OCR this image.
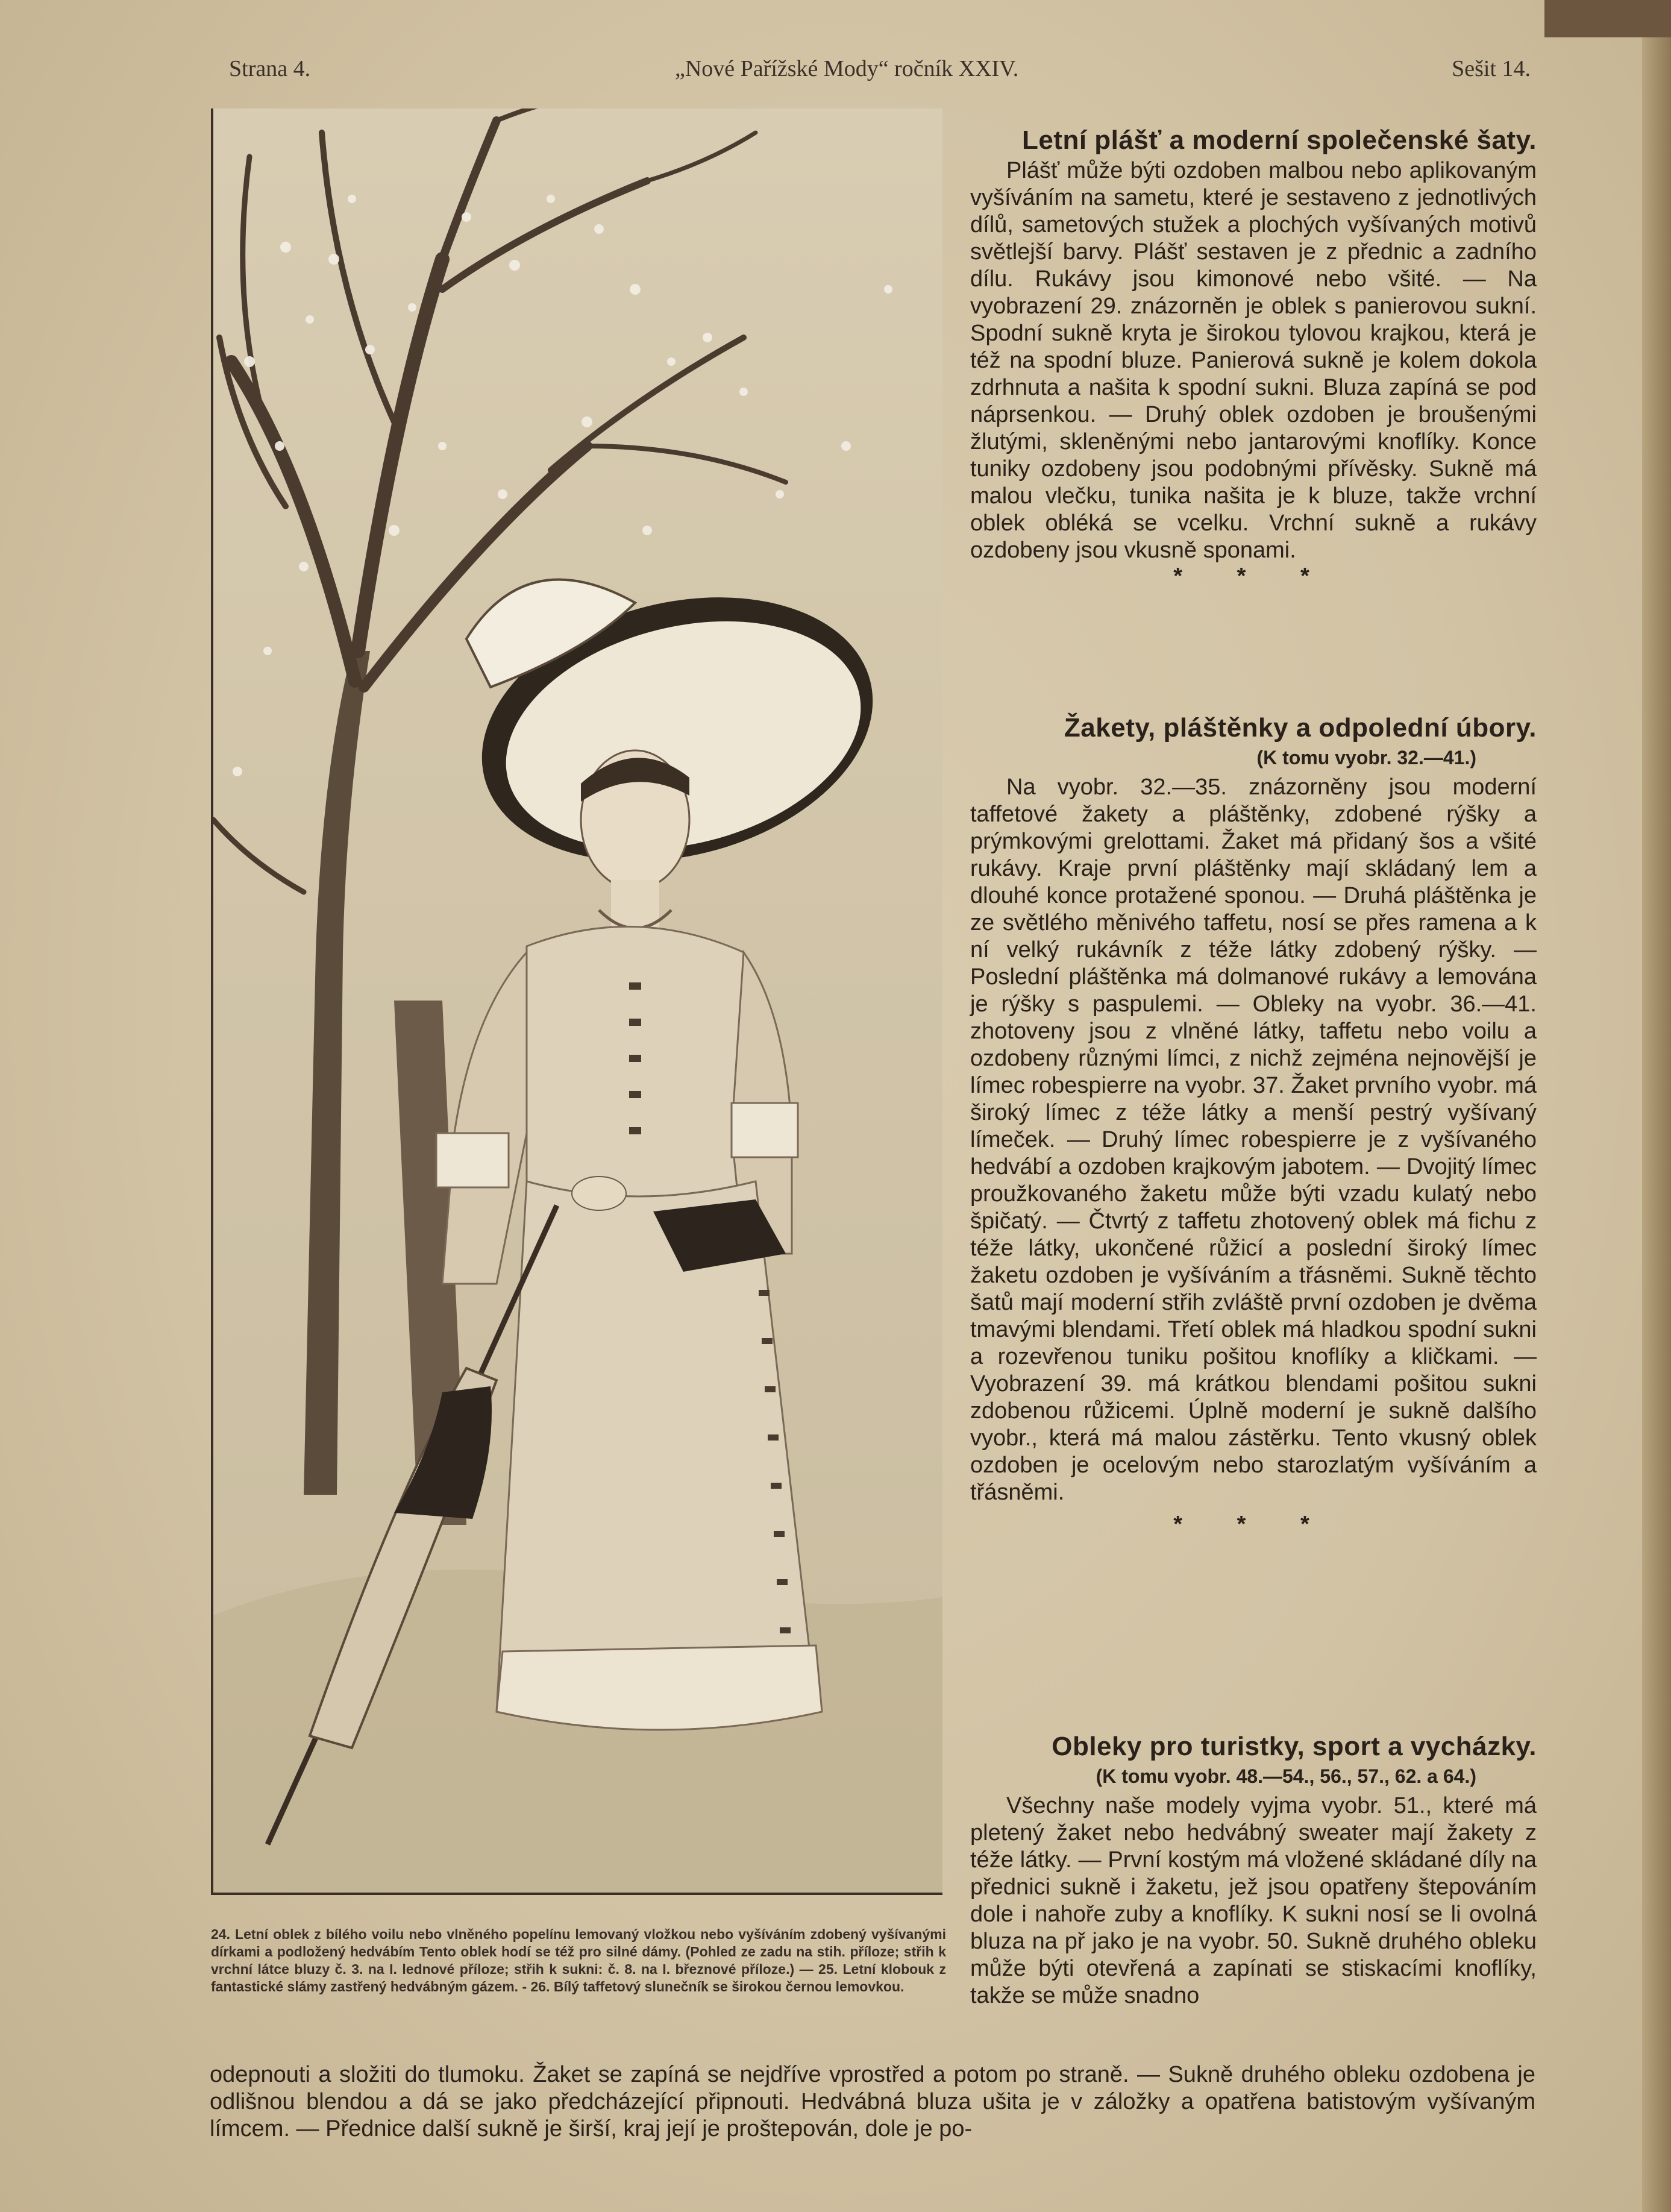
Strana 4.	„Nové Pařížské Mody“ ročník XXIV.	Sešit 14.
24. Letní oblek z bílého voilu nebo vlněného popelínu lemovaný vložkou nebo vyšíváním zdobený vyšívanými dírkami a podložený hedvábím Tento oblek hodí se též pro silné dámy. (Pohled ze zadu na stih. příloze; střih k vrchní látce bluzy č. 3. na I. lednové příloze; střih k sukni: č. 8. na I. březnové příloze.) — 25. Letní klobouk z fantastické slámy zastřený hedvábným gázem. - 26. Bílý taffetový slunečník se širokou černou lemovkou.
Letní plášť a moderní společenské šaty.

Plášť může býti ozdoben malbou nebo aplikovaným vyšíváním na sametu, které je sestaveno z jednotlivých dílů, sametových stužek a plochých vyšívaných motivů světlejší barvy. Plášť sestaven je z přednic a zadního dílu. Rukávy jsou kimonové nebo všité. — Na vyobrazení 29. znázorněn je oblek s panierovou sukní. Spodní sukně kryta je širokou tylovou krajkou, která je též na spodní bluze. Panierová sukně je kolem dokola zdrhnuta a našita k spodní sukni. Bluza zapíná se pod náprsenkou. — Druhý oblek ozdoben je broušenými žlutými, skleněnými nebo jantarovými knoflíky. Konce tuniky ozdobeny jsou podobnými přívěsky. Sukně má malou vlečku, tunika našita je k bluze, takže vrchní oblek obléká se vcelku. Vrchní sukně a rukávy ozdobeny jsou vkusně sponami.

* * *
Žakety, pláštěnky a odpolední úbory.
(K tomu vyobr. 32.—41.)

Na vyobr. 32.—35. znázorněny jsou moderní taffetové žakety a pláštěnky, zdobené rýšky a prýmkovými grelottami. Žaket má přidaný šos a všité rukávy. Kraje první pláštěnky mají skládaný lem a dlouhé konce protažené sponou. — Druhá pláštěnka je ze světlého měnivého taffetu, nosí se přes ramena a k ní velký rukávník z téže látky zdobený rýšky. — Poslední pláštěnka má dolmanové rukávy a lemována je rýšky s paspulemi. — Obleky na vyobr. 36.—41. zhotoveny jsou z vlněné látky, taffetu nebo voilu a ozdobeny různými límci, z nichž zejména nejnovější je límec robespierre na vyobr. 37. Žaket prvního vyobr. má široký límec z téže látky a menší pestrý vyšívaný límeček. — Druhý límec robespierre je z vyšívaného hedvábí a ozdoben krajkovým jabotem. — Dvojitý límec proužkovaného žaketu může býti vzadu kulatý nebo špičatý. — Čtvrtý z taffetu zhotovený oblek má fichu z téže látky, ukončené růžicí a poslední široký límec žaketu ozdoben je vyšíváním a třásněmi. Sukně těchto šatů mají moderní střih zvláště první ozdoben je dvěma tmavými blendami. Třetí oblek má hladkou spodní sukni a rozevřenou tuniku pošitou knoflíky a kličkami. — Vyobrazení 39. má krátkou blendami pošitou sukni zdobenou růžicemi. Úplně moderní je sukně dalšího vyobr., která má malou zástěrku. Tento vkusný oblek ozdoben je ocelovým nebo starozlatým vyšíváním a třásněmi.

* * *
Obleky pro turistky, sport a vycházky.
(K tomu vyobr. 48.—54., 56., 57., 62. a 64.)

Všechny naše modely vyjma vyobr. 51., které má pletený žaket nebo hedvábný sweater mají žakety z téže látky. — První kostým má vložené skládané díly na přednici sukně i žaketu, jež jsou opatřeny štepováním dole i nahoře zuby a knoflíky. K sukni nosí se li ovolná bluza na př jako je na vyobr. 50. Sukně druhého obleku může býti otevřená a zapínati se stiskacími knoflíky, takže se může snadno

odepnouti a složiti do tlumoku. Žaket se zapíná se nejdříve vprostřed a potom po straně. — Sukně druhého obleku ozdobena je odlišnou blendou a dá se jako předcházející připnouti. Hedvábná bluza ušita je v záložky a opatřena batistovým vyšívaným límcem. — Přednice další sukně je širší, kraj její je proštepován, dole je po-
